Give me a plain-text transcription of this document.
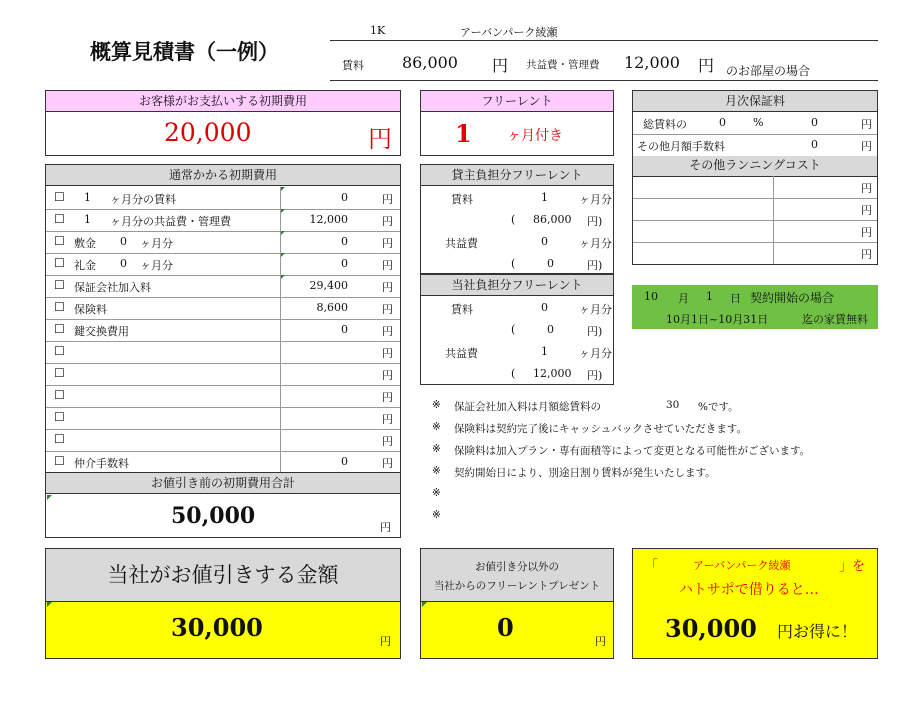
概算見積書（一例）
1K	アーバンパーク綾瀬
賃料 86,000 円 共益費・管理費 12,000 円 のお部屋の場合
お客様がお支払いする初期費用
20,000	円
フリーレント
1	ヶ月付き
月次保証料
総賃料の	0 %	0	円
その他月額手数料	0	円
その他ランニングコスト
円
円
円
円
通常かかる初期費用
☐ 1 ヶ月分の賃料	0	円
☐ 1 ヶ月分の共益費・管理費	12,000	円
☐ 敷金 0 ヶ月分	0	円
☐ 礼金 0 ヶ月分	0	円
☐ 保証会社加入料	29,400	円
☐ 保険料	8,600	円
☐ 鍵交換費用	0	円
☐	円
☐	円
☐	円
☐	円
☐	円
☐ 仲介手数料	0	円
お値引き前の初期費用合計
50,000	円
貸主負担分フリーレント
賃料	1	ヶ月分
( 86,000 円)
共益費	0	ヶ月分
(	0	円)
当社負担分フリーレント
賃料	0	ヶ月分
(	0	円)
共益費	1	ヶ月分
( 12,000 円)
10 月 1 日 契約開始の場合
10月1日~10月31日	迄の家賃無料
※ 保証会社加入料は月額総賃料の	30 %です。
※ 保険料は契約完了後にキャッシュバックさせていただきます。
※ 保険料は加入プラン・専有面積等によって変更となる可能性がございます。
※ 契約開始日により、別途日割り賃料が発生いたします。
※
※
当社がお値引きする金額
30,000	円
お値引き分以外の
当社からのフリーレントプレゼント
0	円
「	アーバンパーク綾瀬	」を
ハトサポで借りると…
30,000 円お得に！
